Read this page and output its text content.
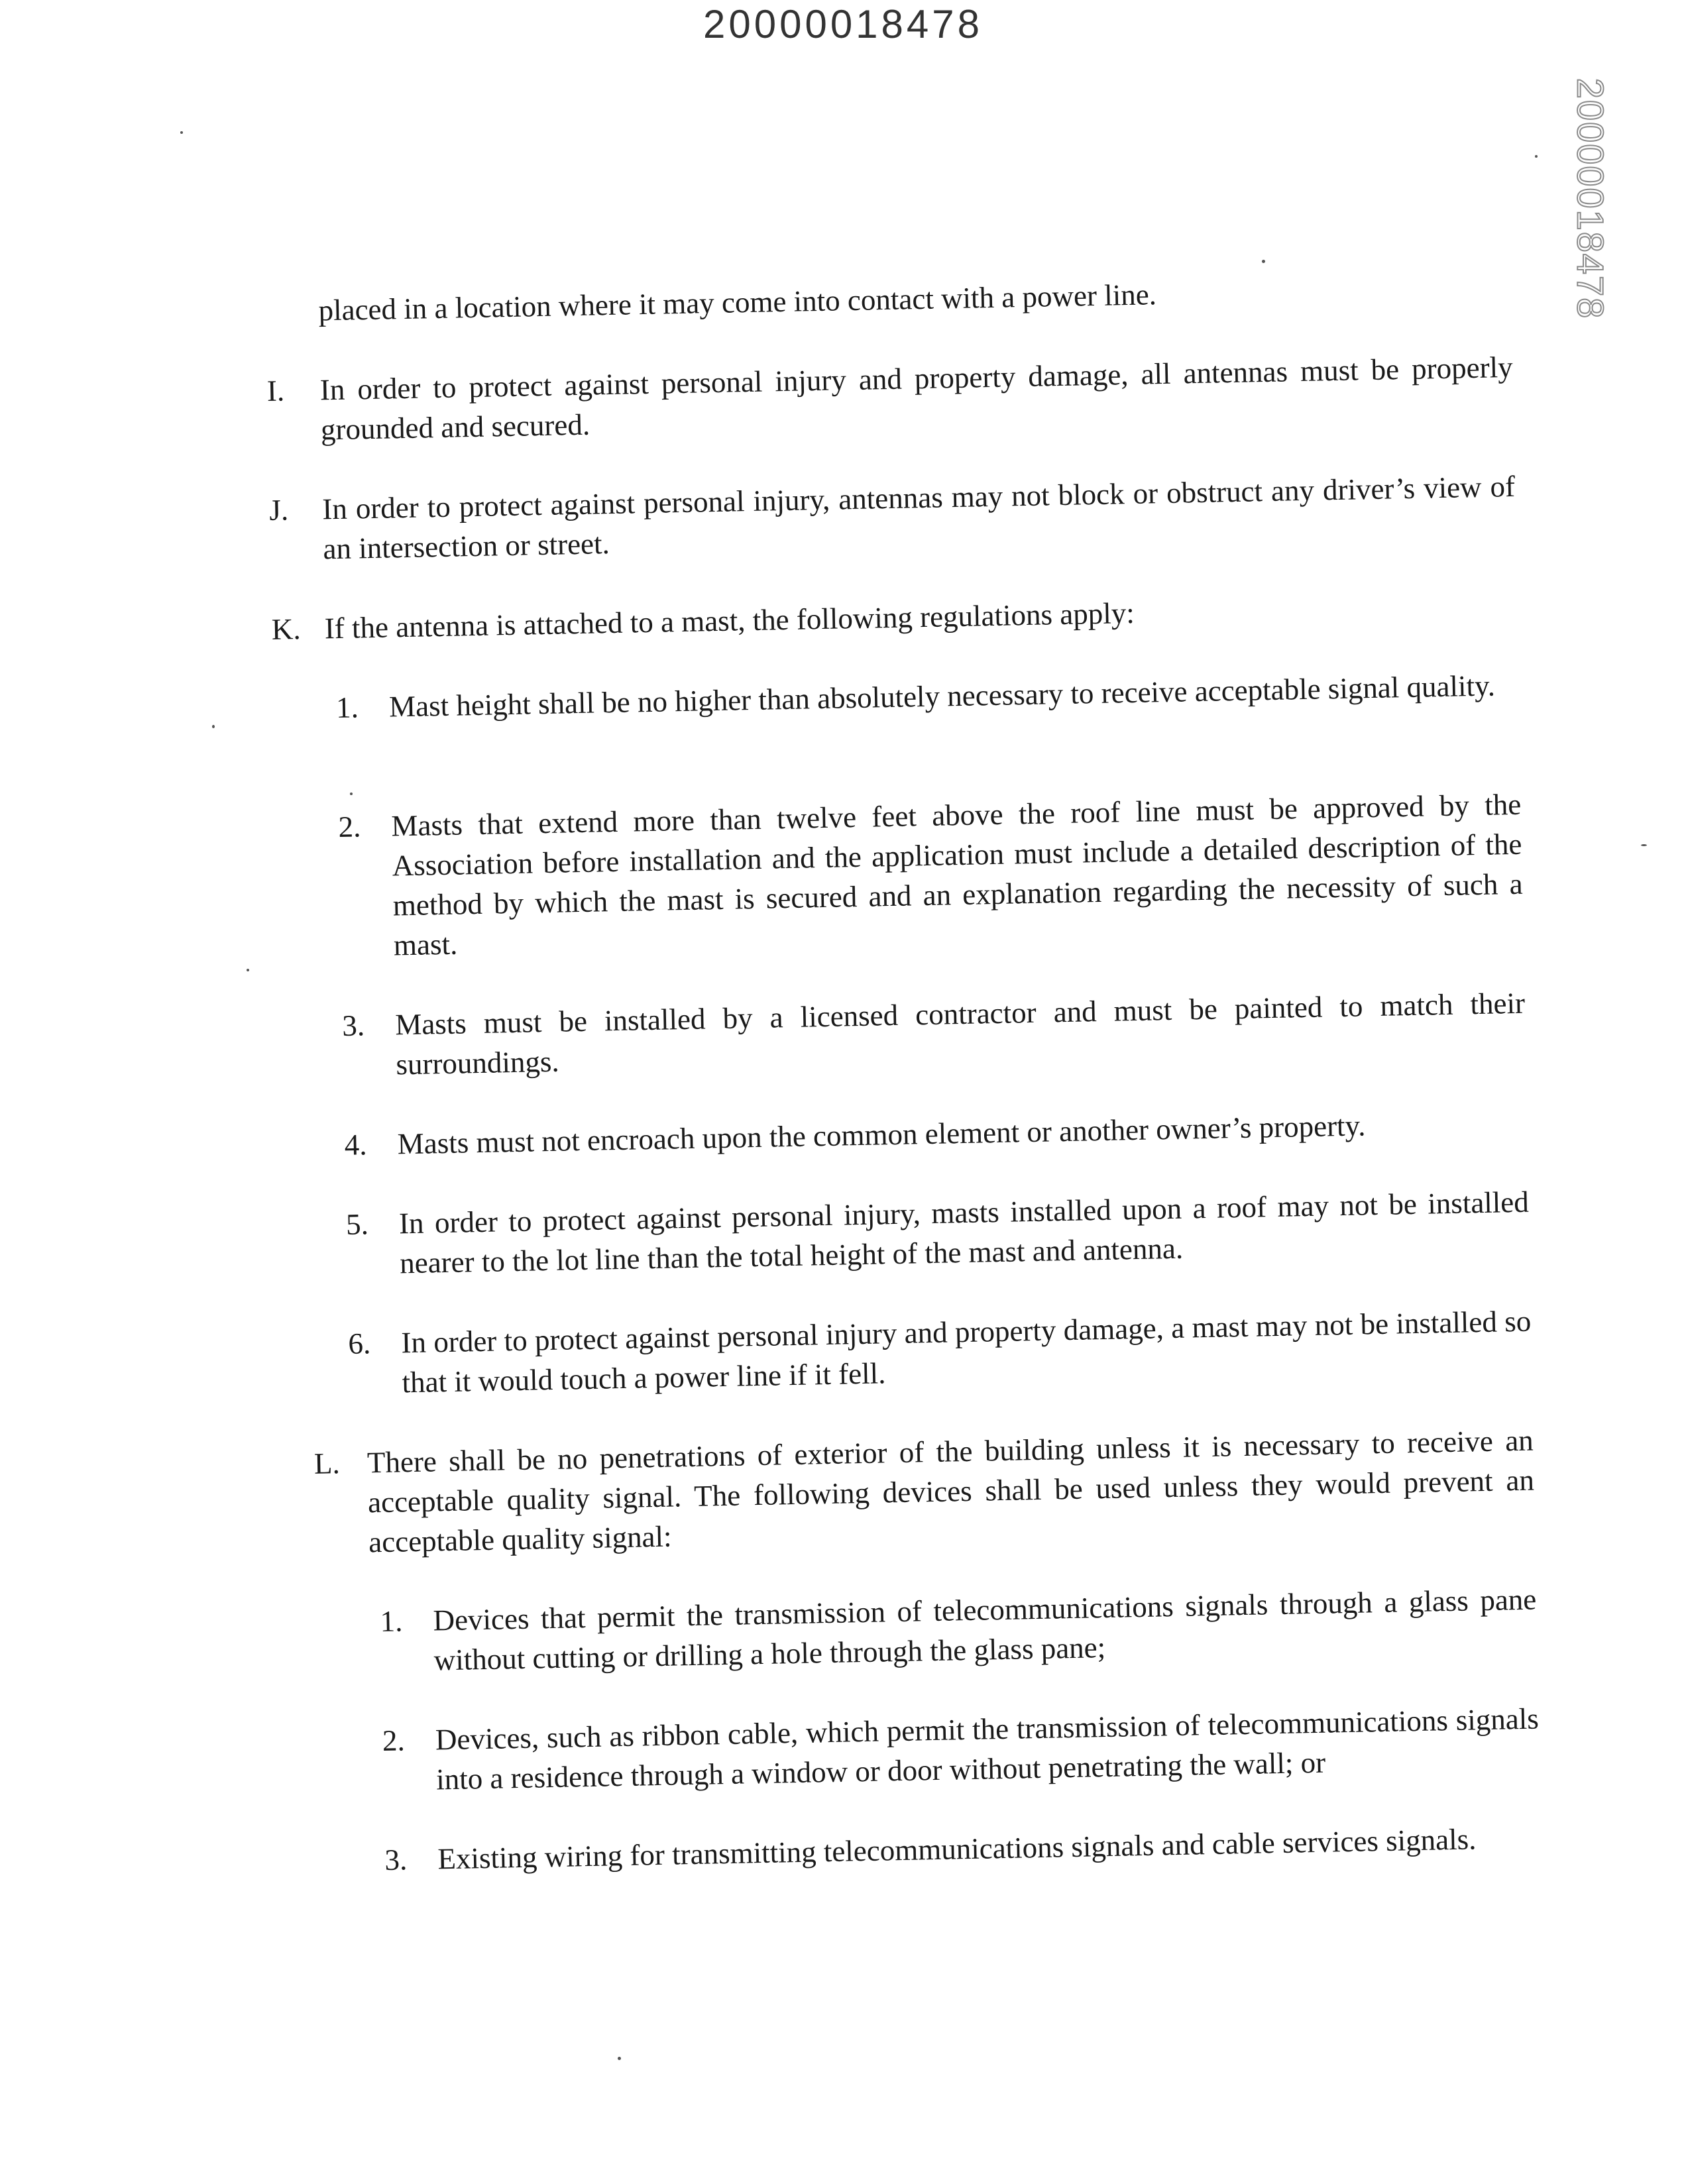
20000018478
20000018478
placed in a location where it may come into contact with a power line.
I. In order to protect against personal injury and property damage, all antennas must be properly grounded and secured.
J. In order to protect against personal injury, antennas may not block or obstruct any driver’s view of an intersection or street.
K. If the antenna is attached to a mast, the following regulations apply:
1. Mast height shall be no higher than absolutely necessary to receive acceptable signal quality.
2. Masts that extend more than twelve feet above the roof line must be approved by the Association before installation and the application must include a detailed description of the method by which the mast is secured and an explanation regarding the necessity of such a mast.
3. Masts must be installed by a licensed contractor and must be painted to match their surroundings.
4. Masts must not encroach upon the common element or another owner’s property.
5. In order to protect against personal injury, masts installed upon a roof may not be installed nearer to the lot line than the total height of the mast and antenna.
6. In order to protect against personal injury and property damage, a mast may not be installed so that it would touch a power line if it fell.
L. There shall be no penetrations of exterior of the building unless it is necessary to receive an acceptable quality signal. The following devices shall be used unless they would prevent an acceptable quality signal:
1. Devices that permit the transmission of telecommunications signals through a glass pane without cutting or drilling a hole through the glass pane;
2. Devices, such as ribbon cable, which permit the transmission of telecommunications signals into a residence through a window or door without penetrating the wall; or
3. Existing wiring for transmitting telecommunications signals and cable services signals.
